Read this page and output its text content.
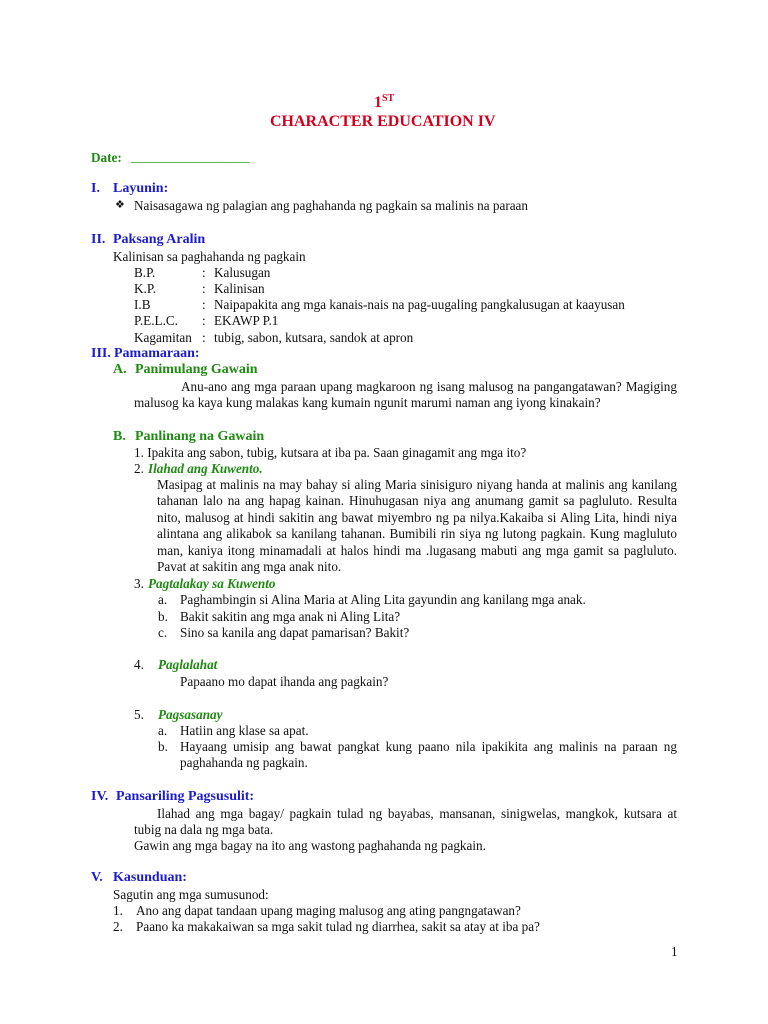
1ST
CHARACTER EDUCATION IV
Date: __________________
I. Layunin:
❖ Naisasagawa ng palagian ang paghahanda ng pagkain sa malinis na paraan
II. Paksang Aralin
Kalinisan sa paghahanda ng pagkain
B.P.	: Kalusugan
K.P.	: Kalinisan
I.B	: Naipapakita ang mga kanais-nais na pag-uugaling pangkalusugan at kaayusan
P.E.L.C. : EKAWP P.1
Kagamitan : tubig, sabon, kutsara, sandok at apron
III. Pamamaraan:
A. Panimulang Gawain
Anu-ano ang mga paraan upang magkaroon ng isang malusog na pangangatawan? Magiging malusog ka kaya kung malakas kang kumain ngunit marumi naman ang iyong kinakain?
B. Panlinang na Gawain
1. Ipakita ang sabon, tubig, kutsara at iba pa. Saan ginagamit ang mga ito?
2. Ilahad ang Kuwento.
Masipag at malinis na may bahay si aling Maria sinisiguro niyang handa at malinis ang kanilang tahanan lalo na ang hapag kainan. Hinuhugasan niya ang anumang gamit sa pagluluto. Resulta nito, malusog at hindi sakitin ang bawat miyembro ng pa nilya.Kakaiba si Aling Lita, hindi niya alintana ang alikabok sa kanilang tahanan. Bumibili rin siya ng lutong pagkain. Kung magluluto man, kaniya itong minamadali at halos hindi ma .lugasang mabuti ang mga gamit sa pagluluto. Pavat at sakitin ang mga anak nito.
3. Pagtalakay sa Kuwento
a. Paghambingin si Alina Maria at Aling Lita gayundin ang kanilang mga anak.
b. Bakit sakitin ang mga anak ni Aling Lita?
c. Sino sa kanila ang dapat pamarisan? Bakit?
4. Paglalahat
Papaano mo dapat ihanda ang pagkain?
5. Pagsasanay
a. Hatiin ang klase sa apat.
b. Hayaang umisip ang bawat pangkat kung paano nila ipakikita ang malinis na paraan ng paghahanda ng pagkain.
IV. Pansariling Pagsusulit:
Ilahad ang mga bagay/ pagkain tulad ng bayabas, mansanan, sinigwelas, mangkok, kutsara at tubig na dala ng mga bata.
Gawin ang mga bagay na ito ang wastong paghahanda ng pagkain.
V. Kasunduan:
Sagutin ang mga sumusunod:
1. Ano ang dapat tandaan upang maging malusog ang ating pangngatawan?
2. Paano ka makakaiwan sa mga sakit tulad ng diarrhea, sakit sa atay at iba pa?
1
